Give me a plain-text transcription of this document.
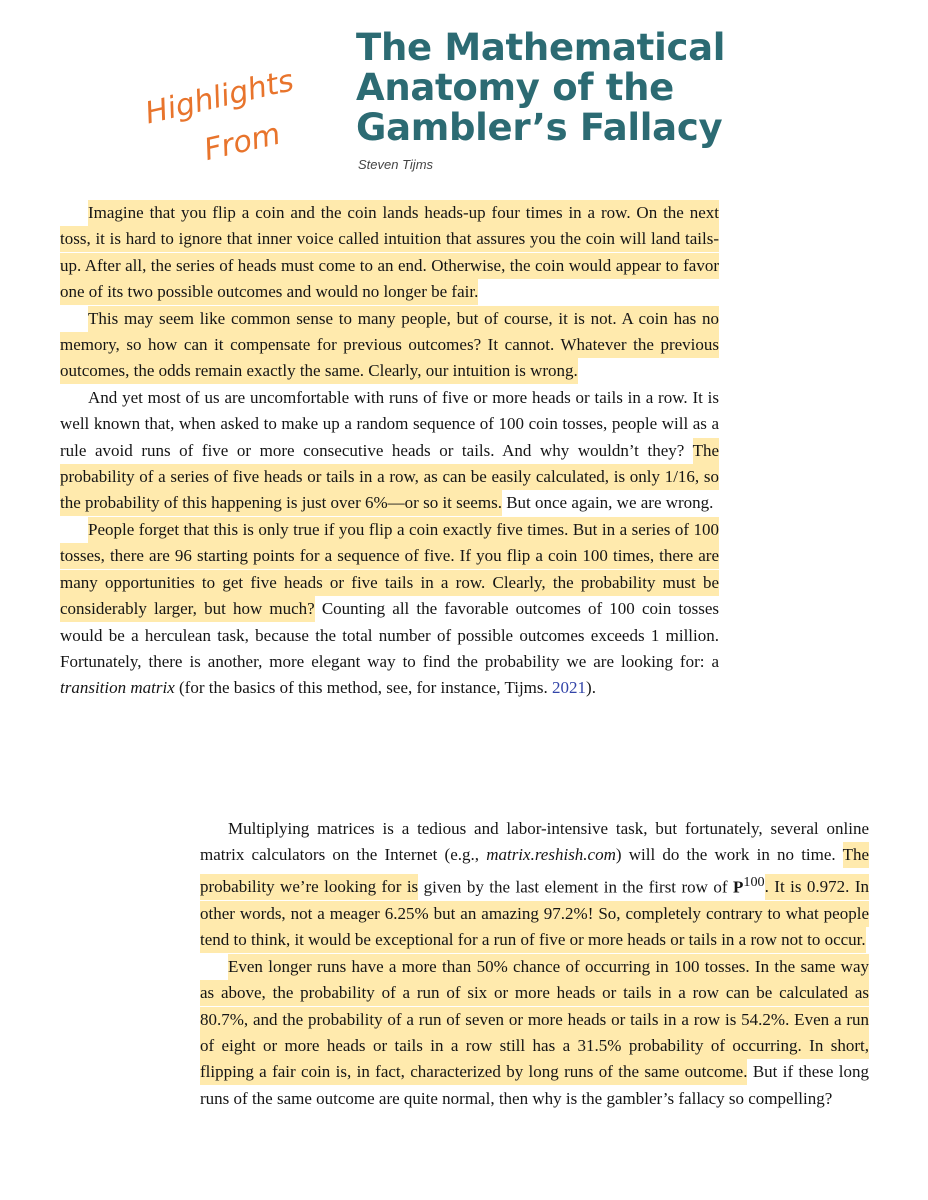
Highlights
From
The Mathematical
Anatomy of the
Gambler’s Fallacy
Steven Tijms

Imagine that you flip a coin and the coin lands heads-up four times in a row. On the next toss, it is hard to ignore that inner voice called intuition that assures you the coin will land tails-up. After all, the series of heads must come to an end. Otherwise, the coin would appear to favor one of its two possible outcomes and would no longer be fair.

This may seem like common sense to many people, but of course, it is not. A coin has no memory, so how can it compensate for previous outcomes? It cannot. Whatever the previous outcomes, the odds remain exactly the same. Clearly, our intuition is wrong.

And yet most of us are uncomfortable with runs of five or more heads or tails in a row. It is well known that, when asked to make up a random sequence of 100 coin tosses, people will as a rule avoid runs of five or more consecutive heads or tails. And why wouldn’t they? The probability of a series of five heads or tails in a row, as can be easily calculated, is only 1/16, so the probability of this happening is just over 6%—or so it seems. But once again, we are wrong.

People forget that this is only true if you flip a coin exactly five times. But in a series of 100 tosses, there are 96 starting points for a sequence of five. If you flip a coin 100 times, there are many opportunities to get five heads or five tails in a row. Clearly, the probability must be considerably larger, but how much? Counting all the favorable outcomes of 100 coin tosses would be a herculean task, because the total number of possible outcomes exceeds 1 million. Fortunately, there is another, more elegant way to find the probability we are looking for: a transition matrix (for the basics of this method, see, for instance, Tijms. 2021).

Multiplying matrices is a tedious and labor-intensive task, but fortunately, several online matrix calculators on the Internet (e.g., matrix.reshish.com) will do the work in no time. The probability we’re looking for is given by the last element in the first row of $P^{100}$. It is 0.972. In other words, not a meager 6.25% but an amazing 97.2%! So, completely contrary to what people tend to think, it would be exceptional for a run of five or more heads or tails in a row not to occur.

Even longer runs have a more than 50% chance of occurring in 100 tosses. In the same way as above, the probability of a run of six or more heads or tails in a row can be calculated as 80.7%, and the probability of a run of seven or more heads or tails in a row is 54.2%. Even a run of eight or more heads or tails in a row still has a 31.5% probability of occurring. In short, flipping a fair coin is, in fact, characterized by long runs of the same outcome. But if these long runs of the same outcome are quite normal, then why is the gambler’s fallacy so compelling?
